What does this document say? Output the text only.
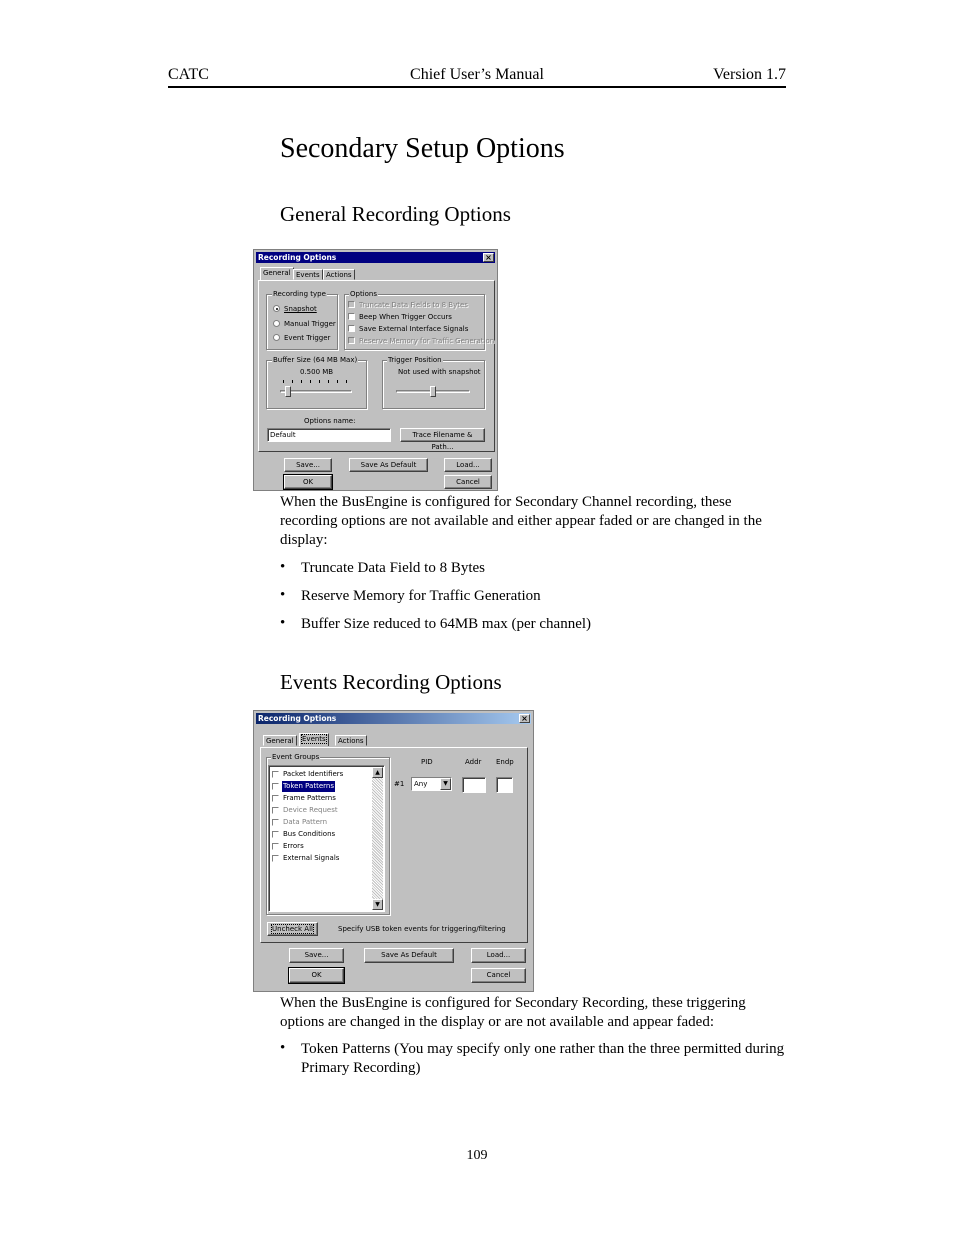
CATC	Chief User’s Manual	Version 1.7
Secondary Setup Options
General Recording Options
Recording Options	×
General Events Actions
Recording type
Snapshot
Manual Trigger
Event Trigger
Options
Truncate Data Fields to 8 Bytes
Beep When Trigger Occurs
Save External Interface Signals
Reserve Memory for Traffic Generation
Buffer Size (64 MB Max)
0.500 MB
Trigger Position
Not used with snapshot
Options name:
Default	Trace Filename & Path...
Save...	Save As Default	Load...
OK	Cancel
When the BusEngine is configured for Secondary Channel recording, these recording options are not available and either appear faded or are changed in the display:
• Truncate Data Field to 8 Bytes
• Reserve Memory for Traffic Generation
• Buffer Size reduced to 64MB max (per channel)
Events Recording Options
Recording Options	×
General	Events	Actions
Event Groups
Packet Identifiers
Token Patterns
Frame Patterns
Device Request
Data Pattern
Bus Conditions
Errors
External Signals
▲
▼
PID	Addr Endp
#1	Any	▼
Uncheck All	Specify USB token events for triggering/filtering
Save...	Save As Default	Load...
OK	Cancel
When the BusEngine is configured for Secondary Recording, these triggering options are changed in the display or are not available and appear faded:
• Token Patterns (You may specify only one rather than the three permitted during Primary Recording)
109
